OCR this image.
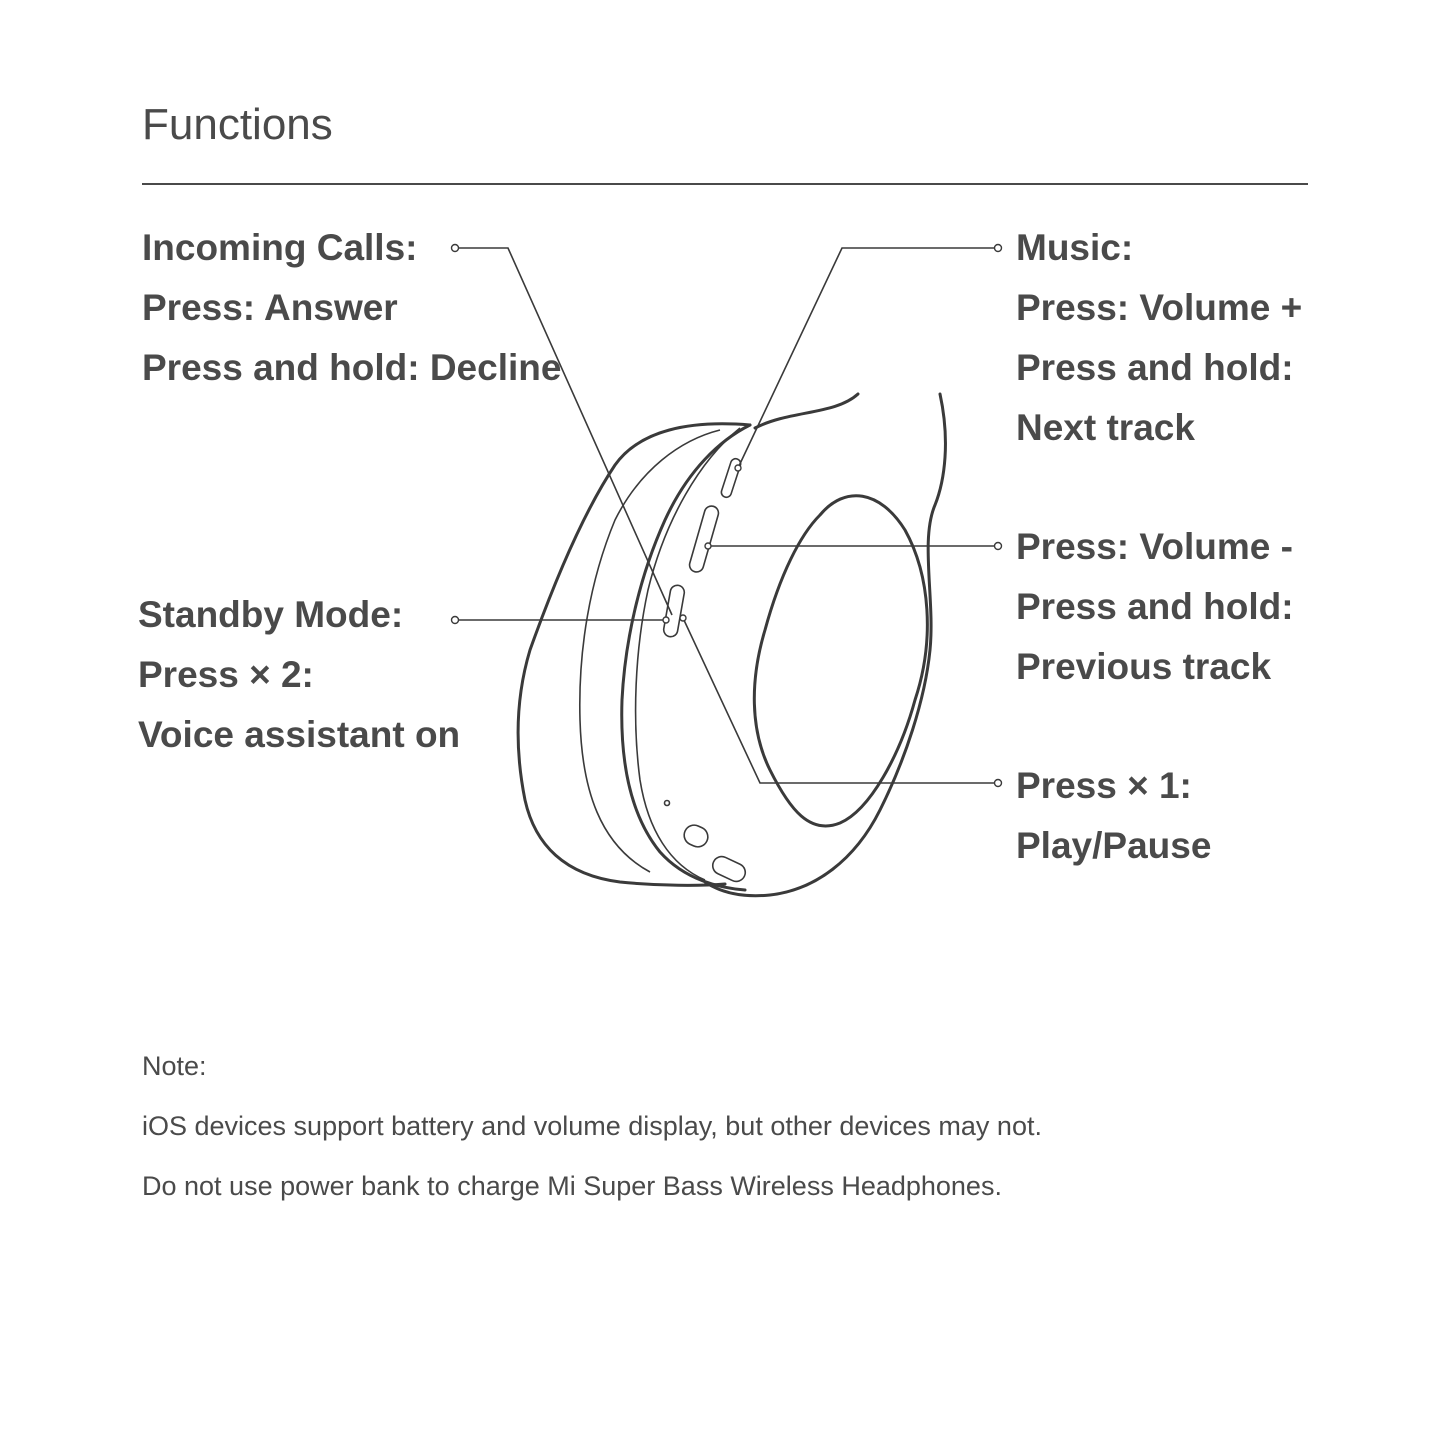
Functions
Incoming Calls:
Press: Answer
Press and hold: Decline
Standby Mode:
Press × 2:
Voice assistant on
Music:
Press: Volume +
Press and hold:
Next track
Press: Volume -
Press and hold:
Previous track
Press × 1:
Play/Pause
Note:
iOS devices support battery and volume display, but other devices may not.
Do not use power bank to charge Mi Super Bass Wireless Headphones.
